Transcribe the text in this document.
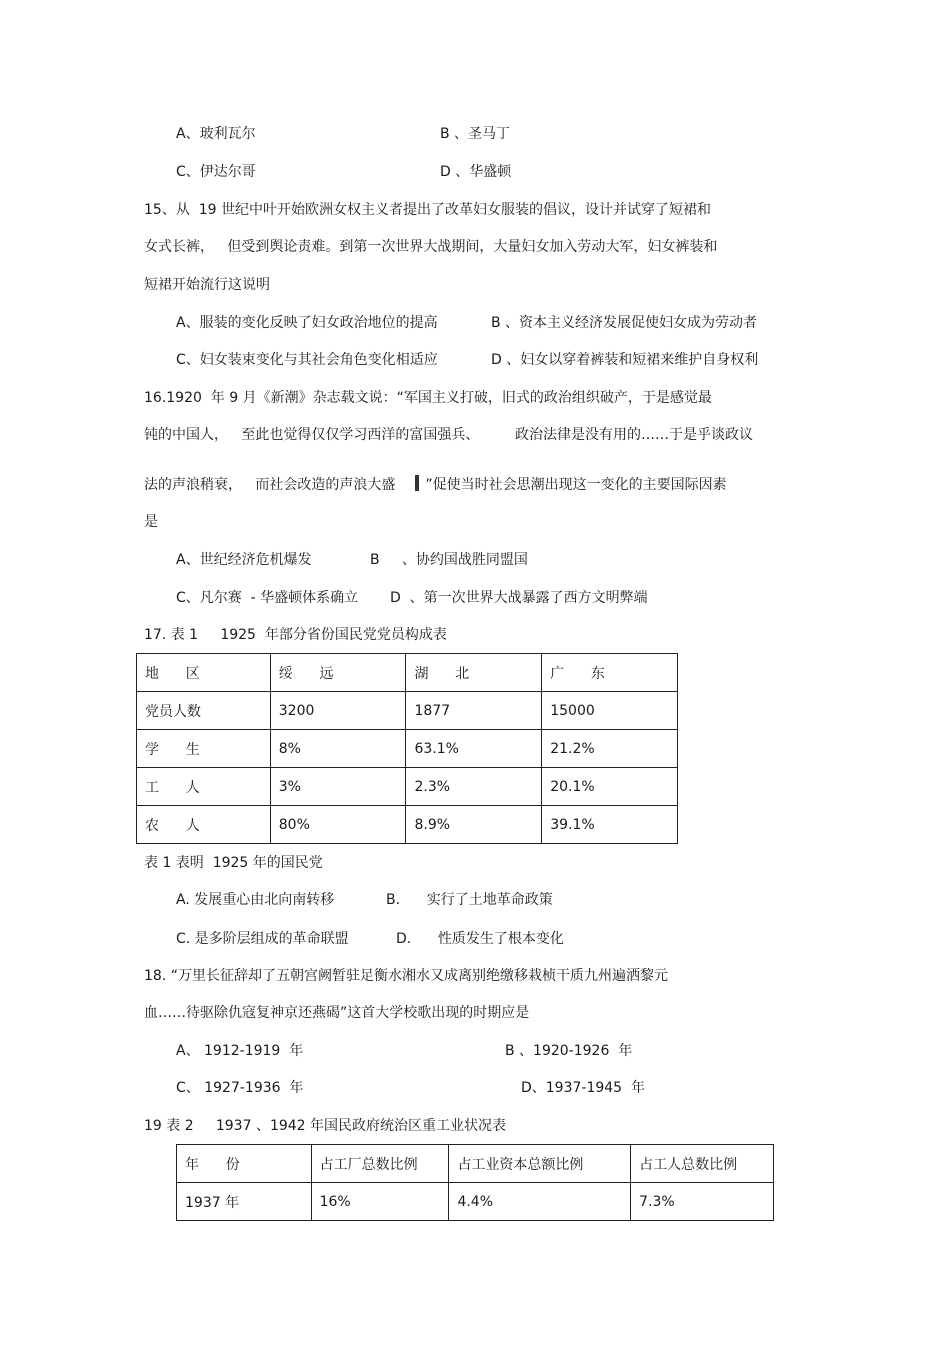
A、玻利瓦尔	B 、圣马丁
C、伊达尔哥	D 、华盛顿
15、从  19 世纪中叶开始欧洲女权主义者提出了改革妇女服装的倡议，设计并试穿了短裙和
女式长裤，   但受到舆论责难。到第一次世界大战期间，大量妇女加入劳动大军，妇女裤装和
短裙开始流行这说明
A、服装的变化反映了妇女政治地位的提高	B 、资本主义经济发展促使妇女成为劳动者
C、妇女装束变化与其社会角色变化相适应	D 、妇女以穿着裤装和短裙来维护自身权利
16.1920  年 9 月《新潮》杂志载文说：“军国主义打破，旧式的政治组织破产，于是感觉最
钝的中国人，   至此也觉得仅仅学习西洋的富国强兵、        政治法律是没有用的……于是乎谈政议
法的声浪稍衰，   而社会改造的声浪大盛 ”促使当时社会思潮出现这一变化的主要国际因素
是
A、世纪经济危机爆发	B     、协约国战胜同盟国
C、凡尔赛  - 华盛顿体系确立 D  、第一次世界大战暴露了西方文明弊端
17. 表 1     1925  年部分省份国民党党员构成表
地      区	绥      远	湖      北	广      东
党员人数	3200	1877	15000
学      生	8%	63.1%	21.2%
工      人	3%	2.3%	20.1%
农      人	80%	8.9%	39.1%
表 1 表明  1925 年的国民党
A. 发展重心由北向南转移	B.      实行了土地革命政策
C. 是多阶层组成的革命联盟	D.      性质发生了根本变化
18. “万里长征辞却了五朝宫阙暂驻足衡水湘水又成离别绝缴移栽桢干质九州遍洒黎元
血……待驱除仇寇复神京还燕碣”这首大学校歌出现的时期应是
A、 1912-1919  年	B 、1920-1926  年
C、 1927-1936  年	D、1937-1945  年
19 表 2     1937 、1942 年国民政府统治区重工业状况表
年      份	占工厂总数比例	占工业资本总额比例	占工人总数比例
1937 年	16%	4.4%	7.3%
